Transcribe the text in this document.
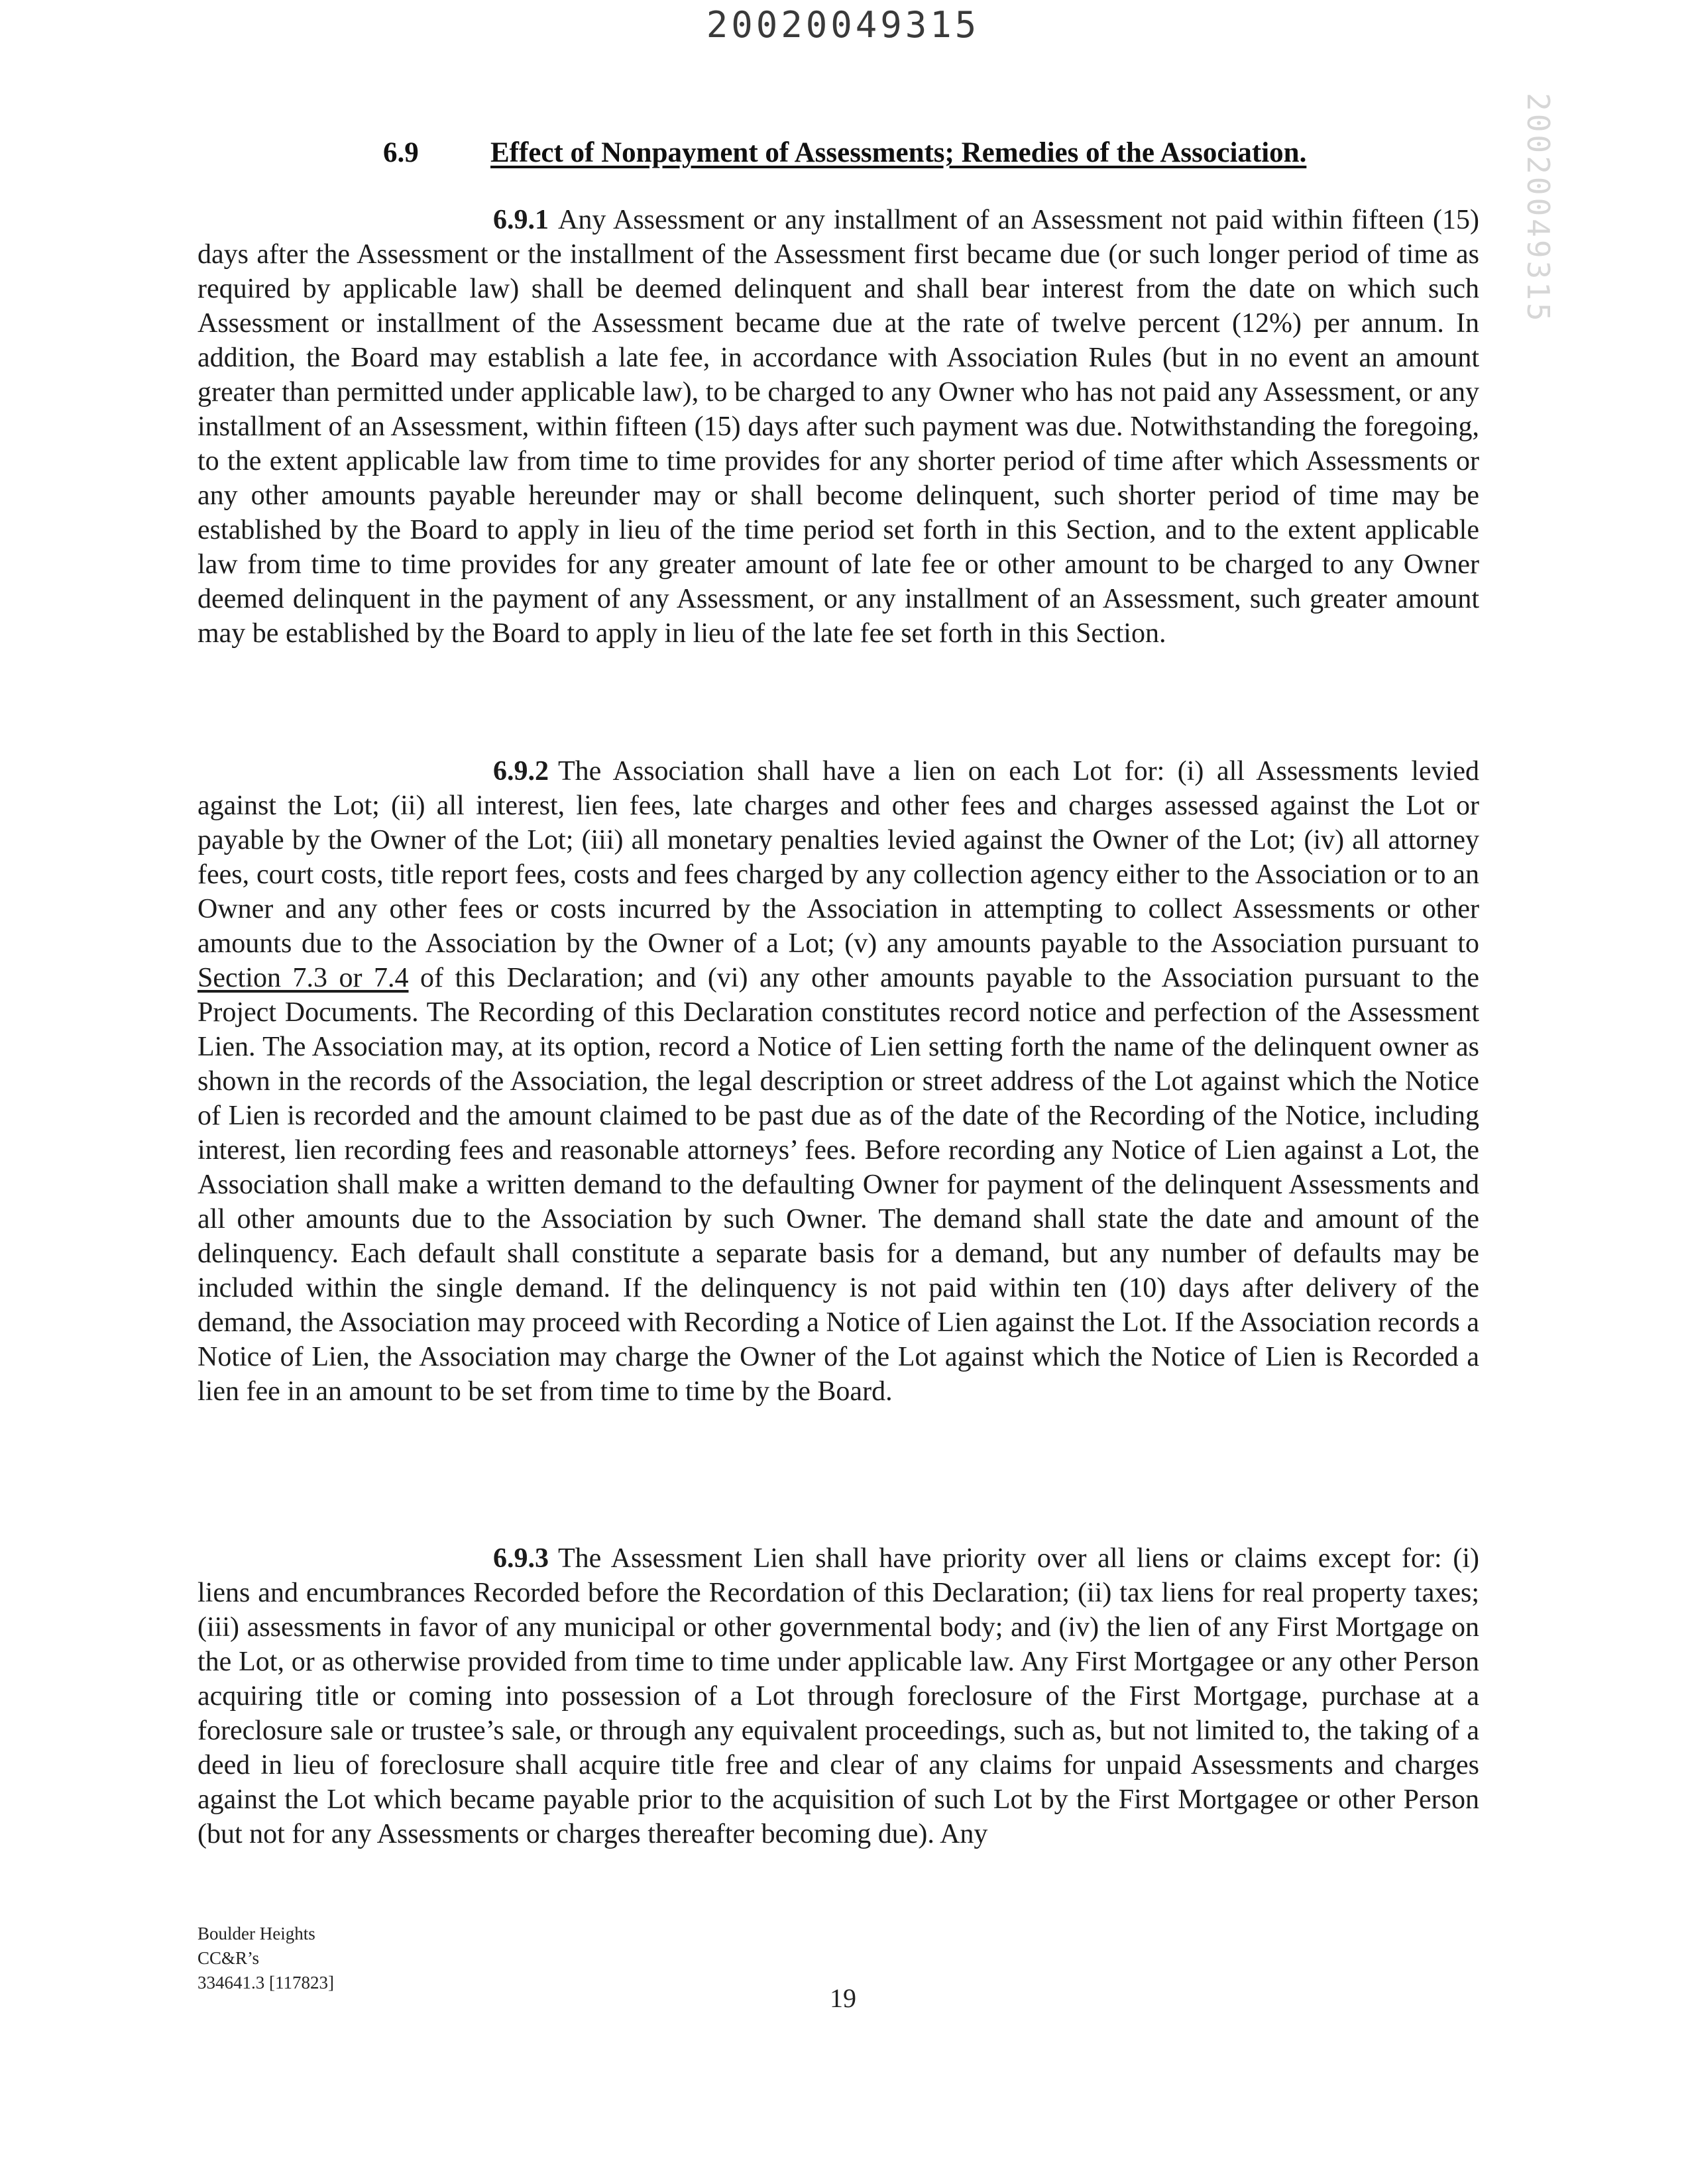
20020049315
20020049315
6.9	Effect of Nonpayment of Assessments; Remedies of the Association.

6.9.1 Any Assessment or any installment of an Assessment not paid within fifteen (15) days after the Assessment or the installment of the Assessment first became due (or such longer period of time as required by applicable law) shall be deemed delinquent and shall bear interest from the date on which such Assessment or installment of the Assessment became due at the rate of twelve percent (12%) per annum. In addition, the Board may establish a late fee, in accordance with Association Rules (but in no event an amount greater than permitted under applicable law), to be charged to any Owner who has not paid any Assessment, or any installment of an Assessment, within fifteen (15) days after such payment was due. Notwithstanding the foregoing, to the extent applicable law from time to time provides for any shorter period of time after which Assessments or any other amounts payable hereunder may or shall become delinquent, such shorter period of time may be established by the Board to apply in lieu of the time period set forth in this Section, and to the extent applicable law from time to time provides for any greater amount of late fee or other amount to be charged to any Owner deemed delinquent in the payment of any Assessment, or any installment of an Assessment, such greater amount may be established by the Board to apply in lieu of the late fee set forth in this Section.

6.9.2 The Association shall have a lien on each Lot for: (i) all Assessments levied against the Lot; (ii) all interest, lien fees, late charges and other fees and charges assessed against the Lot or payable by the Owner of the Lot; (iii) all monetary penalties levied against the Owner of the Lot; (iv) all attorney fees, court costs, title report fees, costs and fees charged by any collection agency either to the Association or to an Owner and any other fees or costs incurred by the Association in attempting to collect Assessments or other amounts due to the Association by the Owner of a Lot; (v) any amounts payable to the Association pursuant to Section 7.3 or 7.4 of this Declaration; and (vi) any other amounts payable to the Association pursuant to the Project Documents. The Recording of this Declaration constitutes record notice and perfection of the Assessment Lien. The Association may, at its option, record a Notice of Lien setting forth the name of the delinquent owner as shown in the records of the Association, the legal description or street address of the Lot against which the Notice of Lien is recorded and the amount claimed to be past due as of the date of the Recording of the Notice, including interest, lien recording fees and reasonable attorneys’ fees. Before recording any Notice of Lien against a Lot, the Association shall make a written demand to the defaulting Owner for payment of the delinquent Assessments and all other amounts due to the Association by such Owner. The demand shall state the date and amount of the delinquency. Each default shall constitute a separate basis for a demand, but any number of defaults may be included within the single demand. If the delinquency is not paid within ten (10) days after delivery of the demand, the Association may proceed with Recording a Notice of Lien against the Lot. If the Association records a Notice of Lien, the Association may charge the Owner of the Lot against which the Notice of Lien is Recorded a lien fee in an amount to be set from time to time by the Board.

6.9.3 The Assessment Lien shall have priority over all liens or claims except for: (i) liens and encumbrances Recorded before the Recordation of this Declaration; (ii) tax liens for real property taxes; (iii) assessments in favor of any municipal or other governmental body; and (iv) the lien of any First Mortgage on the Lot, or as otherwise provided from time to time under applicable law. Any First Mortgagee or any other Person acquiring title or coming into possession of a Lot through foreclosure of the First Mortgage, purchase at a foreclosure sale or trustee’s sale, or through any equivalent proceedings, such as, but not limited to, the taking of a deed in lieu of foreclosure shall acquire title free and clear of any claims for unpaid Assessments and charges against the Lot which became payable prior to the acquisition of such Lot by the First Mortgagee or other Person (but not for any Assessments or charges thereafter becoming due). Any

Boulder Heights
CC&R’s
334641.3 [117823]
19
